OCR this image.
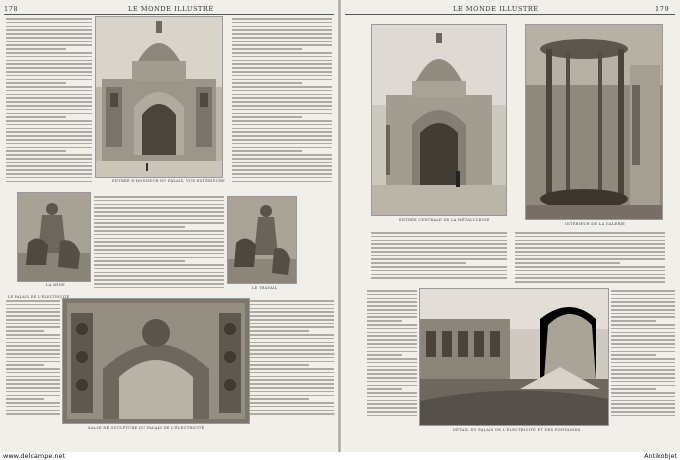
178	LE MONDE ILLUSTRÉ
ENTRÉE D'HONNEUR DU PALAIS, VUE EXTÉRIEURE
LA MINE
LE TRAVAIL
SALLE DE SCULPTURE DU PALAIS DE L'ÉLECTRICITÉ
LE PALAIS DE L'ÉLECTRICITÉ
LE MONDE ILLUSTRÉ	179
ENTRÉE CENTRALE DE LA MÉTALLURGIE
INTÉRIEUR DE LA GALERIE
DÉTAIL DU PALAIS DE L'ÉLECTRICITÉ ET DES FONTAINES
www.delcampe.net	Antikobjet
